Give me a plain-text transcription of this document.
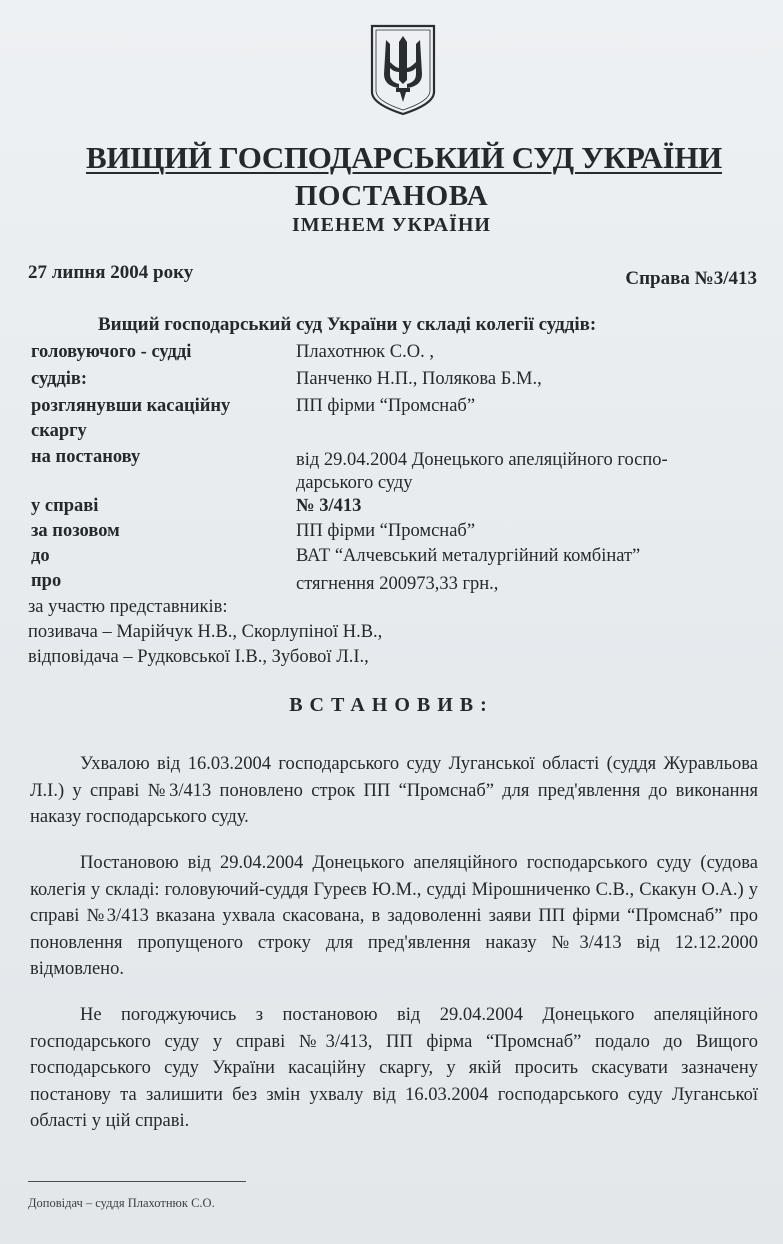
ВИЩИЙ ГОСПОДАРСЬКИЙ СУД УКРАЇНИ
ПОСТАНОВА
ІМЕНЕМ УКРАЇНИ
27 липня 2004 року	Справа №3/413
Вищий господарський суд України у складі колегії суддів:
головуючого - судді	Плахотнюк С.О. ,
суддів:	Панченко Н.П., Полякова Б.М.,
розглянувши касаційну	ПП фірми “Промснаб”
скаргу
на постанову	від 29.04.2004 Донецького апеляційного госпо-
дарського суду
у справі	№ 3/413
за позовом	ПП фірми “Промснаб”
до	ВАТ “Алчевський металургійний комбінат”
про	стягнення 200973,33 грн.,
за участю представників:
позивача – Марійчук Н.В., Скорлупіної Н.В.,
відповідача – Рудковської І.В., Зубової Л.І.,
ВСТАНОВИВ:

Ухвалою від 16.03.2004 господарського суду Луганської області (суддя Журавльова Л.І.) у справі №3/413 поновлено строк ПП “Промснаб” для пред'явлення до виконання наказу господарського суду.

Постановою від 29.04.2004 Донецького апеляційного господарського суду (судова колегія у складі: головуючий-суддя Гуреєв Ю.М., судді Мірошниченко С.В., Скакун О.А.) у справі №3/413 вказана ухвала скасована, в задоволенні заяви ПП фірми “Промснаб” про поновлення пропущеного строку для пред'явлення наказу №3/413 від 12.12.2000 відмовлено.

Не погоджуючись з постановою від 29.04.2004 Донецького апеляційного господарського суду у справі №3/413, ПП фірма “Промснаб” подало до Вищого господарського суду України касаційну скаргу, у якій просить скасувати зазначену постанову та залишити без змін ухвалу від 16.03.2004 господарського суду Луганської області у цій справі.

Доповідач – суддя Плахотнюк С.О.
